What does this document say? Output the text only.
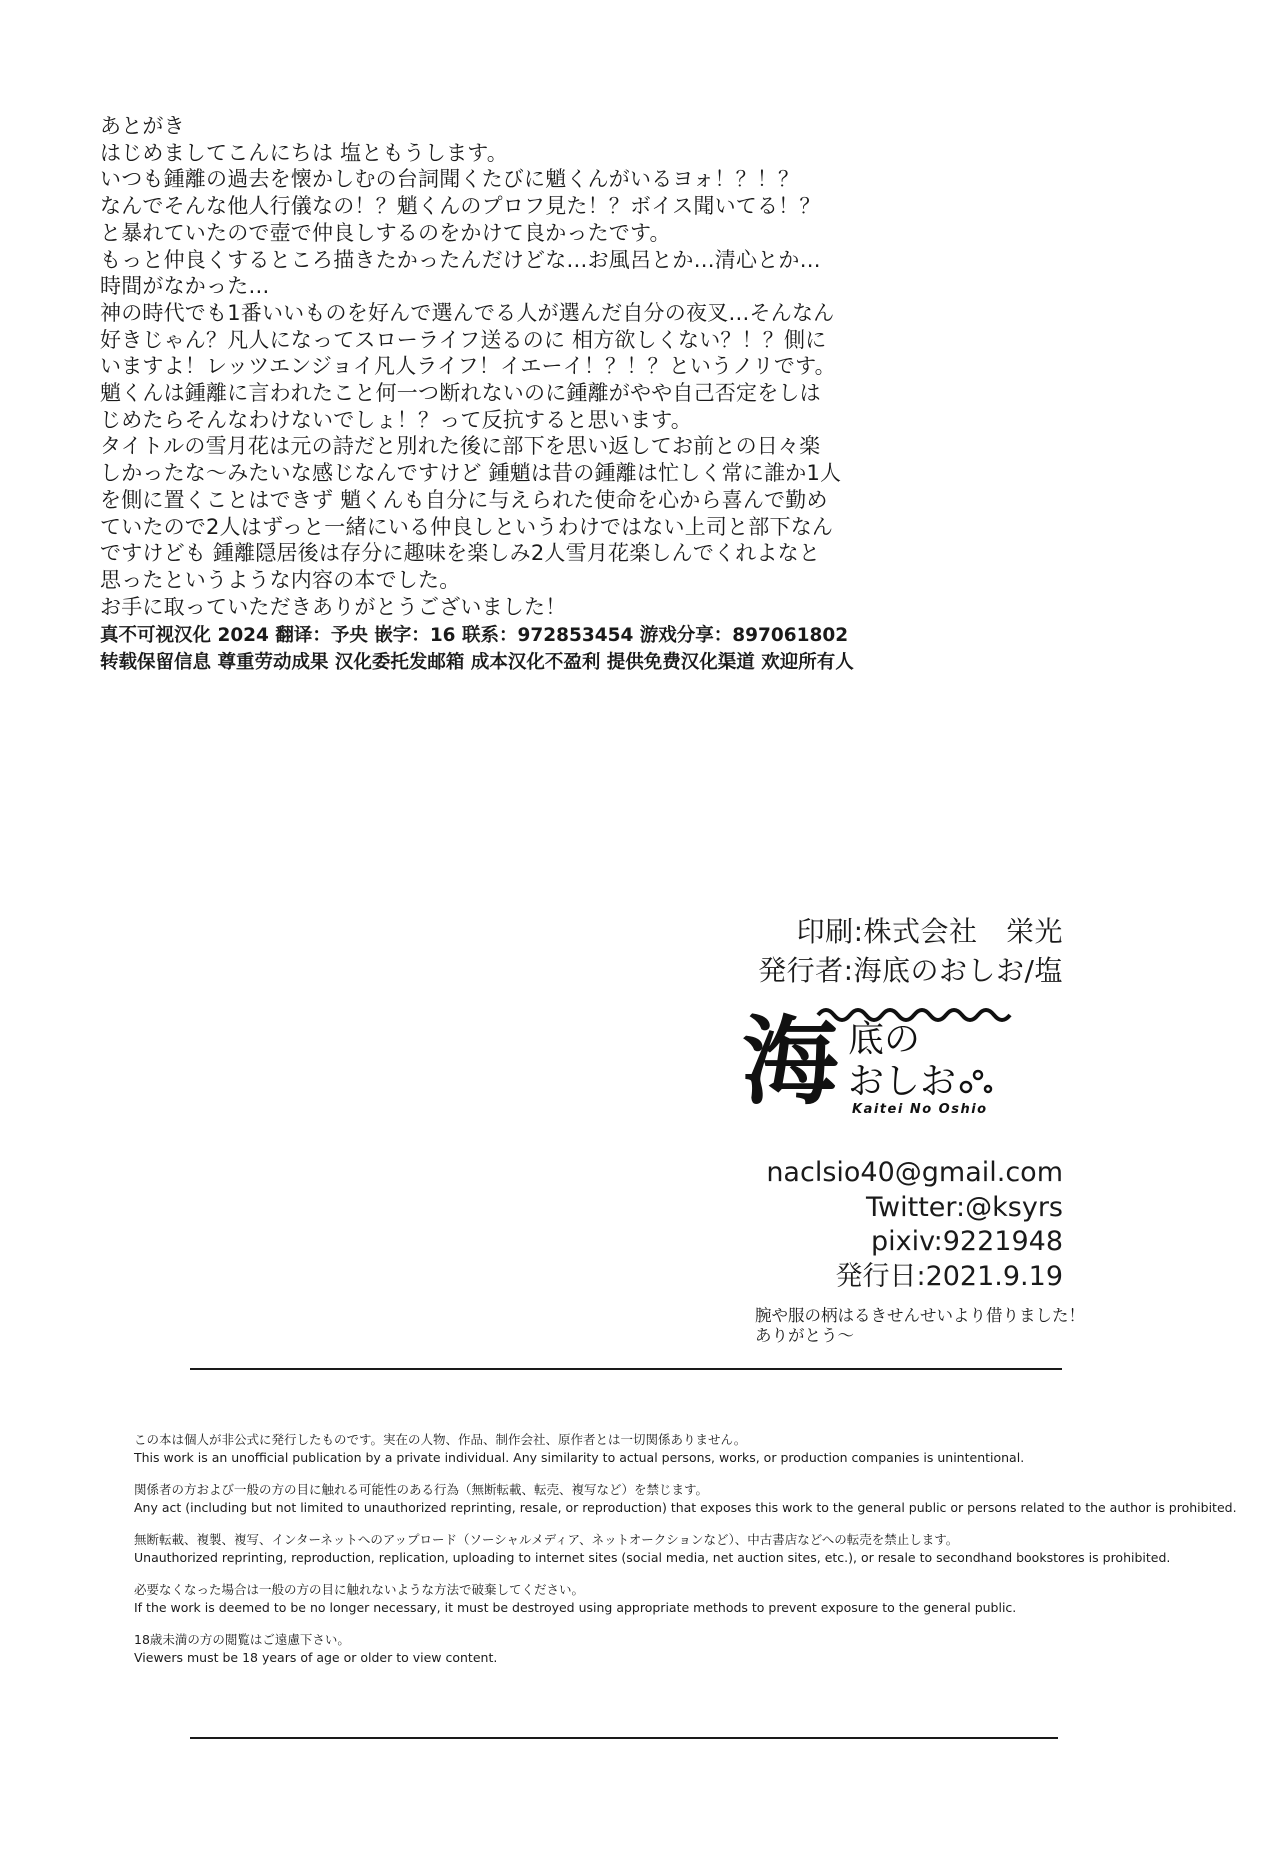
あとがき
はじめましてこんにちは 塩ともうします。
いつも鍾離の過去を懐かしむの台詞聞くたびに魈くんがいるヨォ！？！？
なんでそんな他人行儀なの！？魈くんのプロフ見た！？ボイス聞いてる！？
と暴れていたので壺で仲良しするのをかけて良かったです。
もっと仲良くするところ描きたかったんだけどな…お風呂とか…清心とか…
時間がなかった…
神の時代でも1番いいものを好んで選んでる人が選んだ自分の夜叉…そんなん
好きじゃん？凡人になってスローライフ送るのに 相方欲しくない？！？側に
いますよ！レッツエンジョイ凡人ライフ！イエーイ！？！？というノリです。
魈くんは鍾離に言われたこと何一つ断れないのに鍾離がやや自己否定をしは
じめたらそんなわけないでしょ！？って反抗すると思います。
タイトルの雪月花は元の詩だと別れた後に部下を思い返してお前との日々楽
しかったな～みたいな感じなんですけど 鍾魈は昔の鍾離は忙しく常に誰か1人
を側に置くことはできず 魈くんも自分に与えられた使命を心から喜んで勤め
ていたので2人はずっと一緒にいる仲良しというわけではない上司と部下なん
ですけども 鍾離隠居後は存分に趣味を楽しみ2人雪月花楽しんでくれよなと
思ったというような内容の本でした。
お手に取っていただきありがとうございました！
真不可视汉化 2024 翻译：予央 嵌字：16 联系：972853454 游戏分享：897061802
转载保留信息 尊重劳动成果 汉化委托发邮箱 成本汉化不盈利 提供免费汉化渠道 欢迎所有人
印刷:株式会社　栄光
発行者:海底のおしお/塩
海 底の
おしお
Kaitei No Oshio
naclsio40@gmail.com
Twitter:@ksyrs
pixiv:9221948
発行日:2021.9.19
腕や服の柄はるきせんせいより借りました！
ありがとう～
この本は個人が非公式に発行したものです。実在の人物、作品、制作会社、原作者とは一切関係ありません。
This work is an unofficial publication by a private individual. Any similarity to actual persons, works, or production companies is unintentional.
関係者の方および一般の方の目に触れる可能性のある行為（無断転載、転売、複写など）を禁じます。
Any act (including but not limited to unauthorized reprinting, resale, or reproduction) that exposes this work to the general public or persons related to the author is prohibited.
無断転載、複製、複写、インターネットへのアップロード（ソーシャルメディア、ネットオークションなど）、中古書店などへの転売を禁止します。
Unauthorized reprinting, reproduction, replication, uploading to internet sites (social media, net auction sites, etc.), or resale to secondhand bookstores is prohibited.
必要なくなった場合は一般の方の目に触れないような方法で破棄してください。
If the work is deemed to be no longer necessary, it must be destroyed using appropriate methods to prevent exposure to the general public.
18歳未満の方の閲覧はご遠慮下さい。
Viewers must be 18 years of age or older to view content.
